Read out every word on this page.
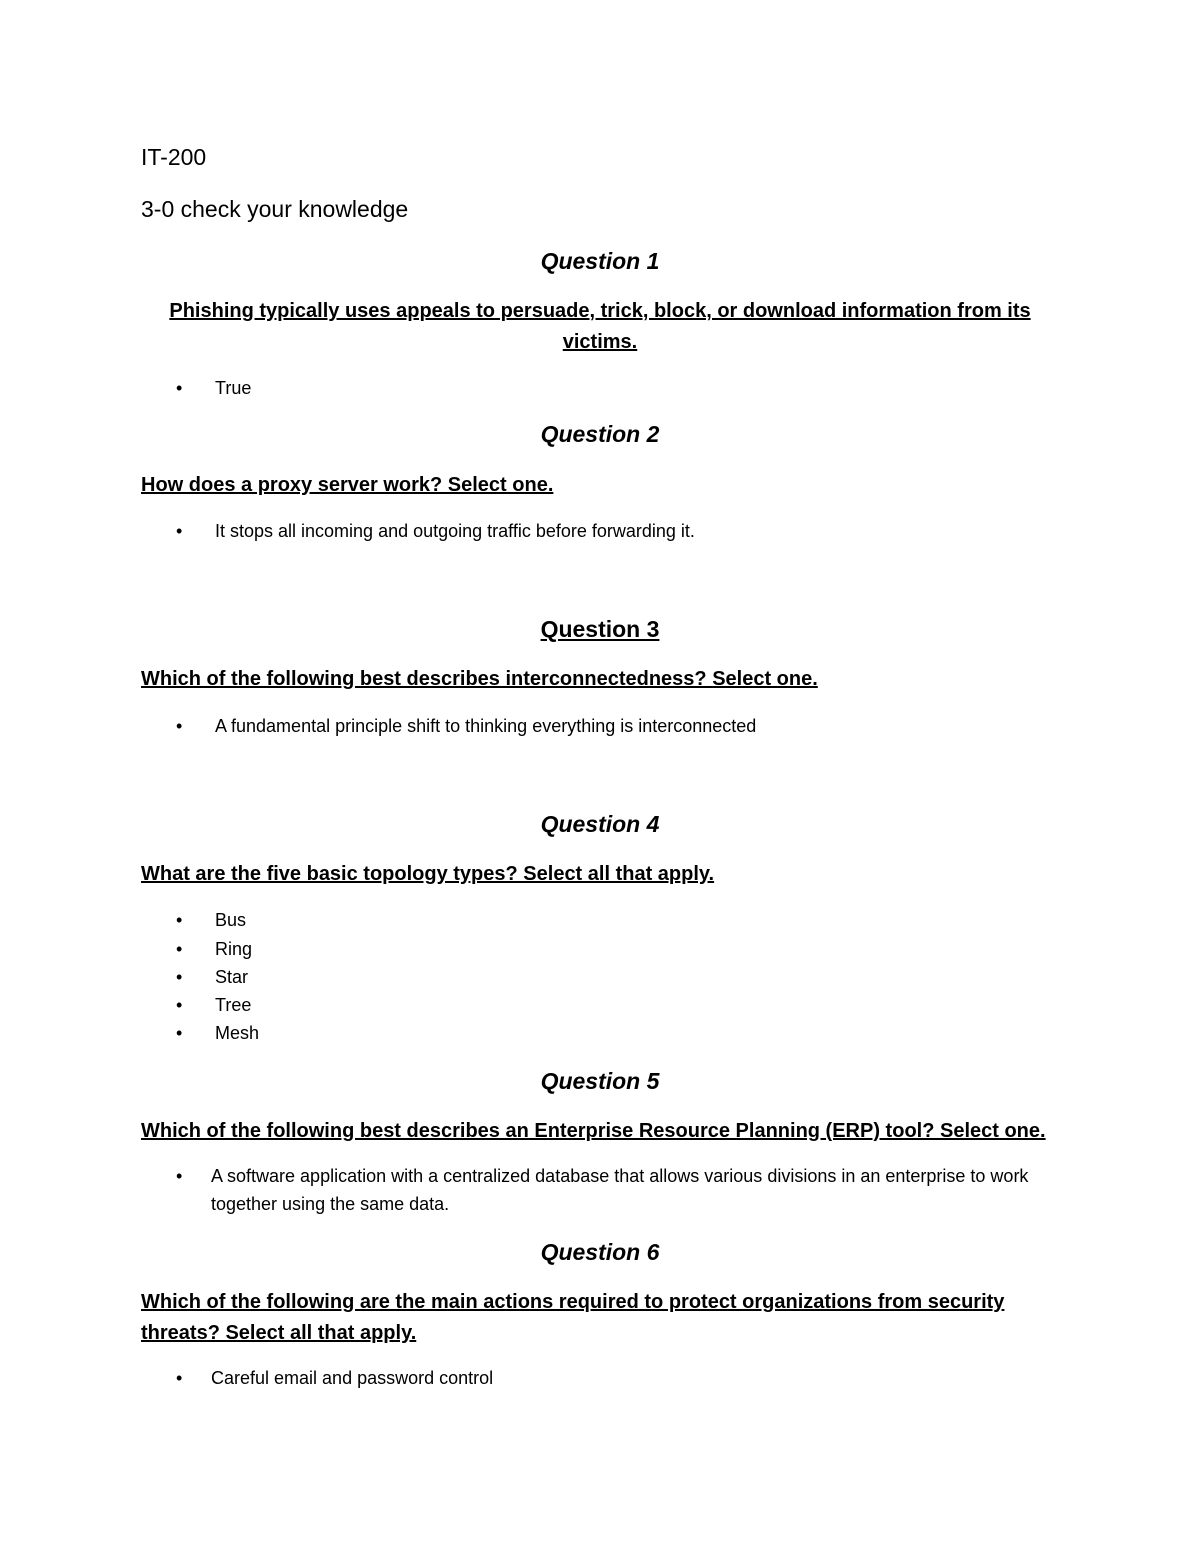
IT-200
3-0 check your knowledge
Question 1
Phishing typically uses appeals to persuade, trick, block, or download information from its victims.
• True
Question 2
How does a proxy server work? Select one.
• It stops all incoming and outgoing traffic before forwarding it.
Question 3
Which of the following best describes interconnectedness? Select one.
• A fundamental principle shift to thinking everything is interconnected
Question 4
What are the five basic topology types? Select all that apply.
• Bus
• Ring
• Star
• Tree
• Mesh
Question 5
Which of the following best describes an Enterprise Resource Planning (ERP) tool? Select one.
• A software application with a centralized database that allows various divisions in an enterprise to work together using the same data.
Question 6
Which of the following are the main actions required to protect organizations from security threats? Select all that apply.
• Careful email and password control
